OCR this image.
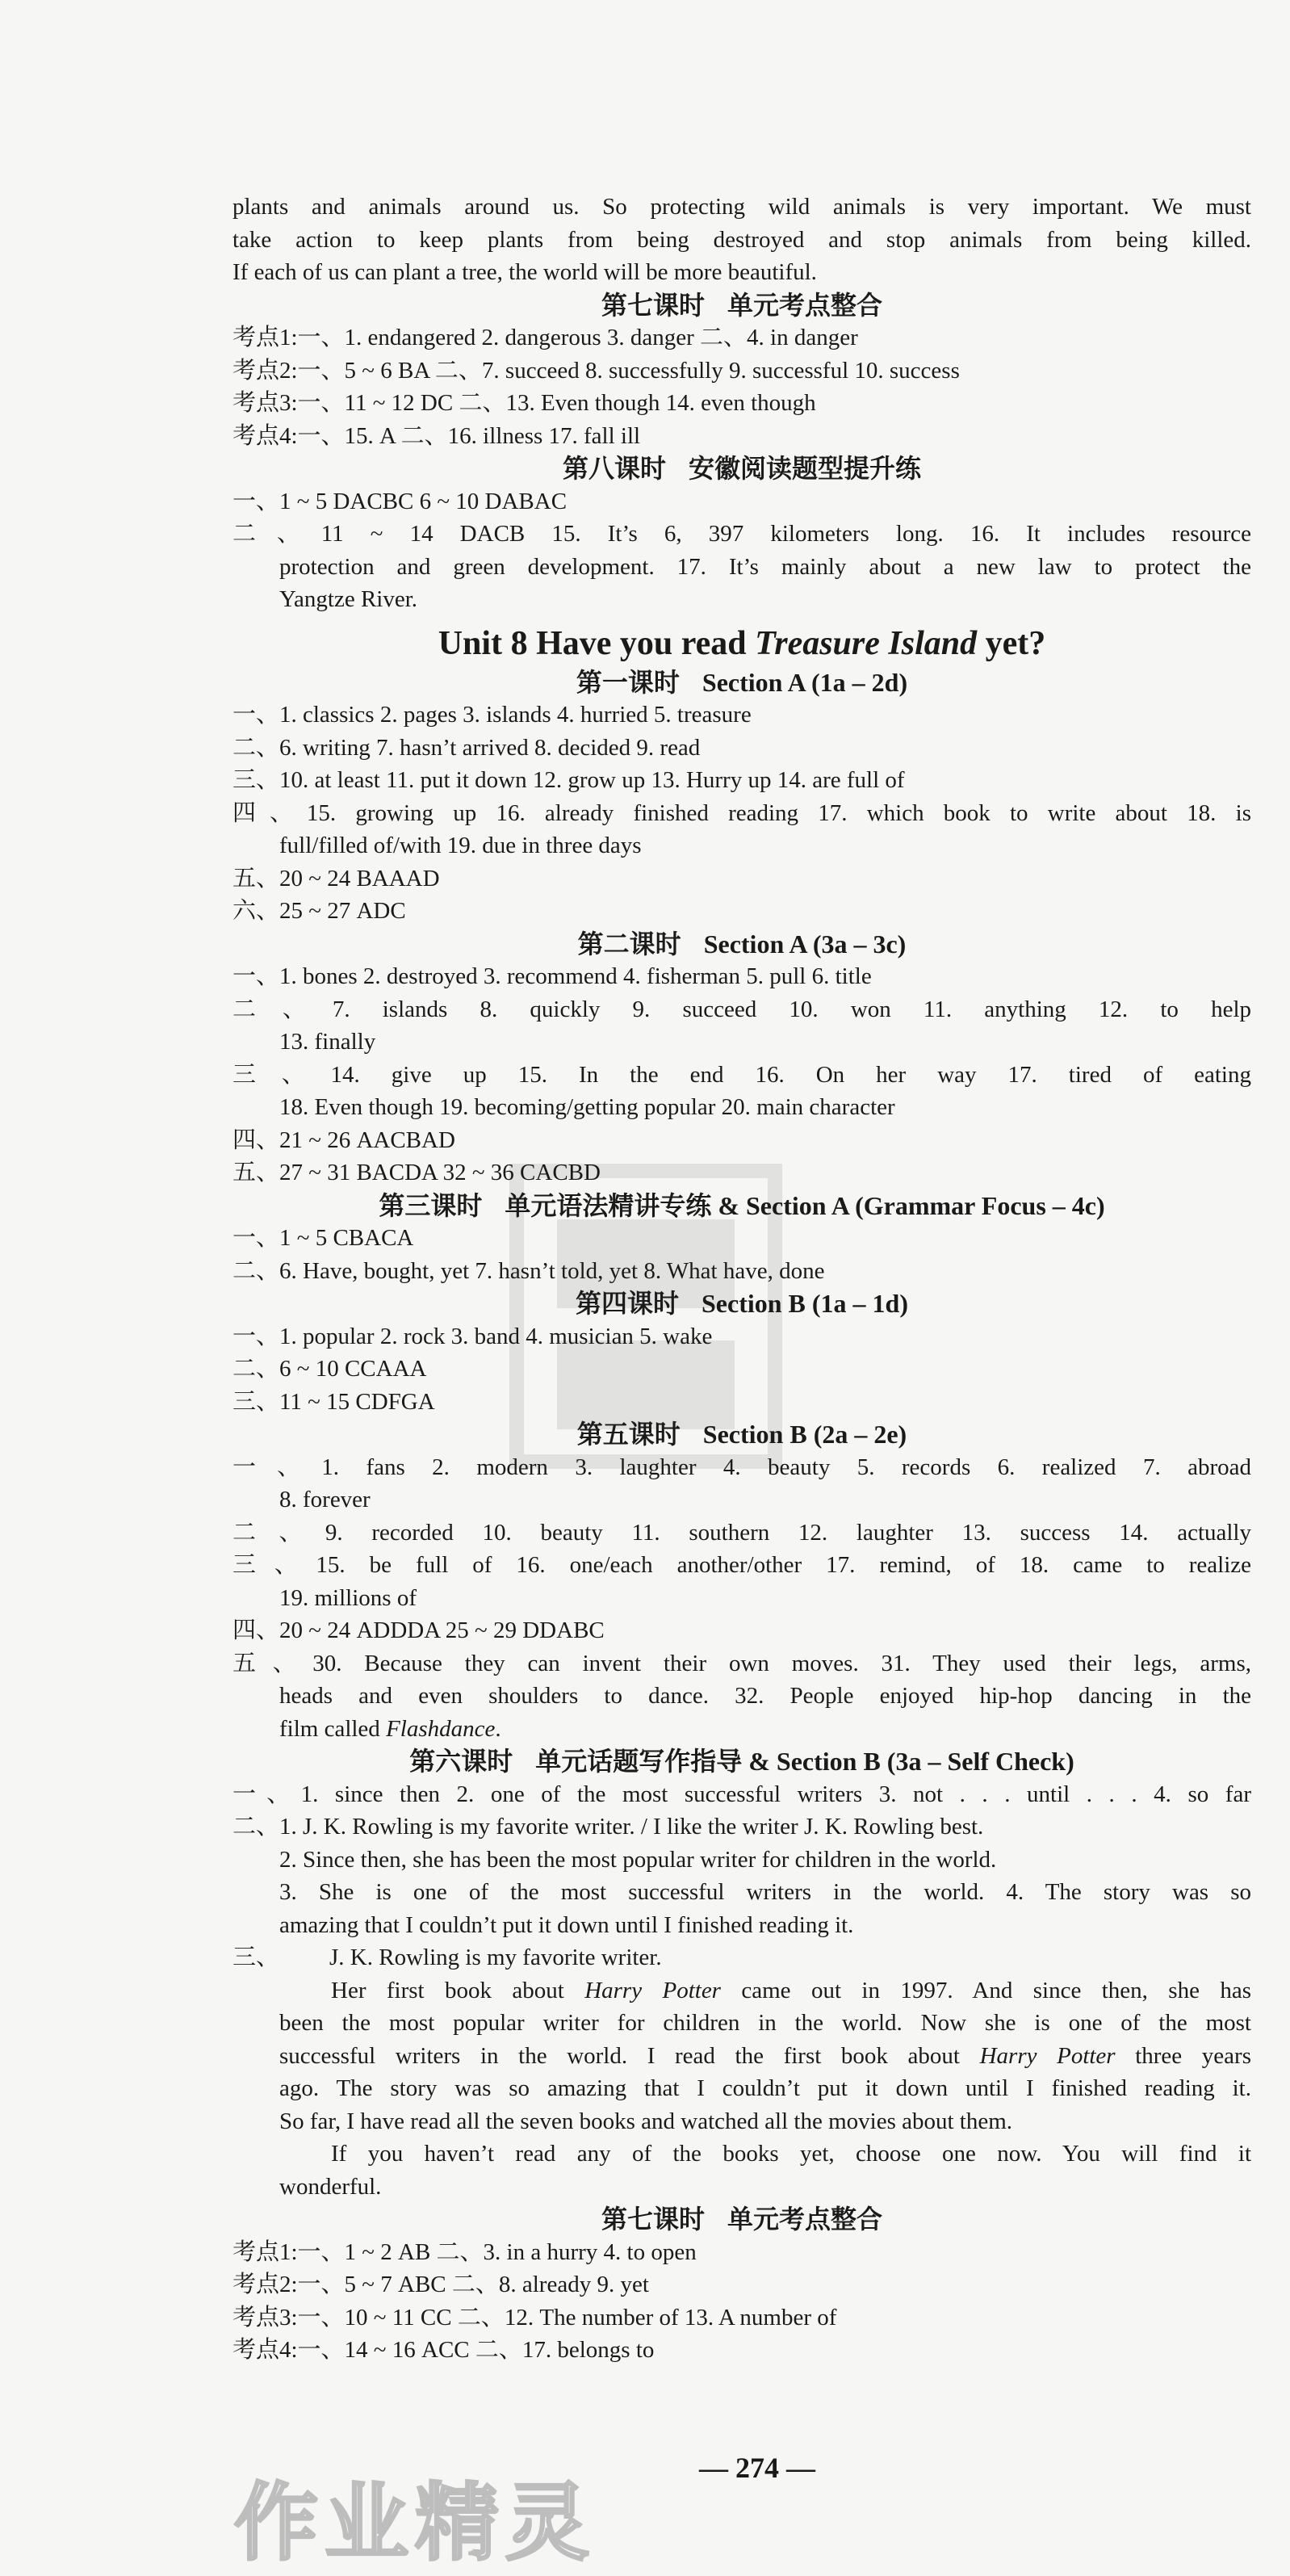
plants and animals around us. So protecting wild animals is very important. We must
take action to keep plants from being destroyed and stop animals from being killed.
If each of us can plant a tree, the world will be more beautiful.
第七课时 单元考点整合
考点1:一、1. endangered 2. dangerous 3. danger 二、4. in danger
考点2:一、5 ~ 6 BA 二、7. succeed 8. successfully 9. successful 10. success
考点3:一、11 ~ 12 DC 二、13. Even though 14. even though
考点4:一、15. A 二、16. illness 17. fall ill
第八课时 安徽阅读题型提升练
一、1 ~ 5 DACBC 6 ~ 10 DABAC
二、11 ~ 14 DACB 15. It’s 6, 397 kilometers long. 16. It includes resource
protection and green development. 17. It’s mainly about a new law to protect the
Yangtze River.
Unit 8 Have you read Treasure Island yet?
第一课时 Section A (1a – 2d)
一、1. classics 2. pages 3. islands 4. hurried 5. treasure
二、6. writing 7. hasn’t arrived 8. decided 9. read
三、10. at least 11. put it down 12. grow up 13. Hurry up 14. are full of
四、15. growing up 16. already finished reading 17. which book to write about 18. is
full/filled of/with 19. due in three days
五、20 ~ 24 BAAAD
六、25 ~ 27 ADC
第二课时 Section A (3a – 3c)
一、1. bones 2. destroyed 3. recommend 4. fisherman 5. pull 6. title
二、7. islands 8. quickly 9. succeed 10. won 11. anything 12. to help
13. finally
三、14. give up 15. In the end 16. On her way 17. tired of eating
18. Even though 19. becoming/getting popular 20. main character
四、21 ~ 26 AACBAD
五、27 ~ 31 BACDA 32 ~ 36 CACBD
第三课时 单元语法精讲专练 & Section A (Grammar Focus – 4c)
一、1 ~ 5 CBACA
二、6. Have, bought, yet 7. hasn’t told, yet 8. What have, done
第四课时 Section B (1a – 1d)
一、1. popular 2. rock 3. band 4. musician 5. wake
二、6 ~ 10 CCAAA
三、11 ~ 15 CDFGA
第五课时 Section B (2a – 2e)
一、1. fans 2. modern 3. laughter 4. beauty 5. records 6. realized 7. abroad
8. forever
二、9. recorded 10. beauty 11. southern 12. laughter 13. success 14. actually
三、15. be full of 16. one/each another/other 17. remind, of 18. came to realize
19. millions of
四、20 ~ 24 ADDDA 25 ~ 29 DDABC
五、30. Because they can invent their own moves. 31. They used their legs, arms,
heads and even shoulders to dance. 32. People enjoyed hip-hop dancing in the
film called Flashdance.
第六课时 单元话题写作指导 & Section B (3a – Self Check)
一、1. since then 2. one of the most successful writers 3. not . . . until . . . 4. so far
二、1. J. K. Rowling is my favorite writer. / I like the writer J. K. Rowling best.
2. Since then, she has been the most popular writer for children in the world.
3. She is one of the most successful writers in the world. 4. The story was so
amazing that I couldn’t put it down until I finished reading it.
三、 J. K. Rowling is my favorite writer.
Her first book about Harry Potter came out in 1997. And since then, she has
been the most popular writer for children in the world. Now she is one of the most
successful writers in the world. I read the first book about Harry Potter three years
ago. The story was so amazing that I couldn’t put it down until I finished reading it.
So far, I have read all the seven books and watched all the movies about them.
If you haven’t read any of the books yet, choose one now. You will find it
wonderful.
第七课时 单元考点整合
考点1:一、1 ~ 2 AB 二、3. in a hurry 4. to open
考点2:一、5 ~ 7 ABC 二、8. already 9. yet
考点3:一、10 ~ 11 CC 二、12. The number of 13. A number of
考点4:一、14 ~ 16 ACC 二、17. belongs to
作业精灵
— 274 —
